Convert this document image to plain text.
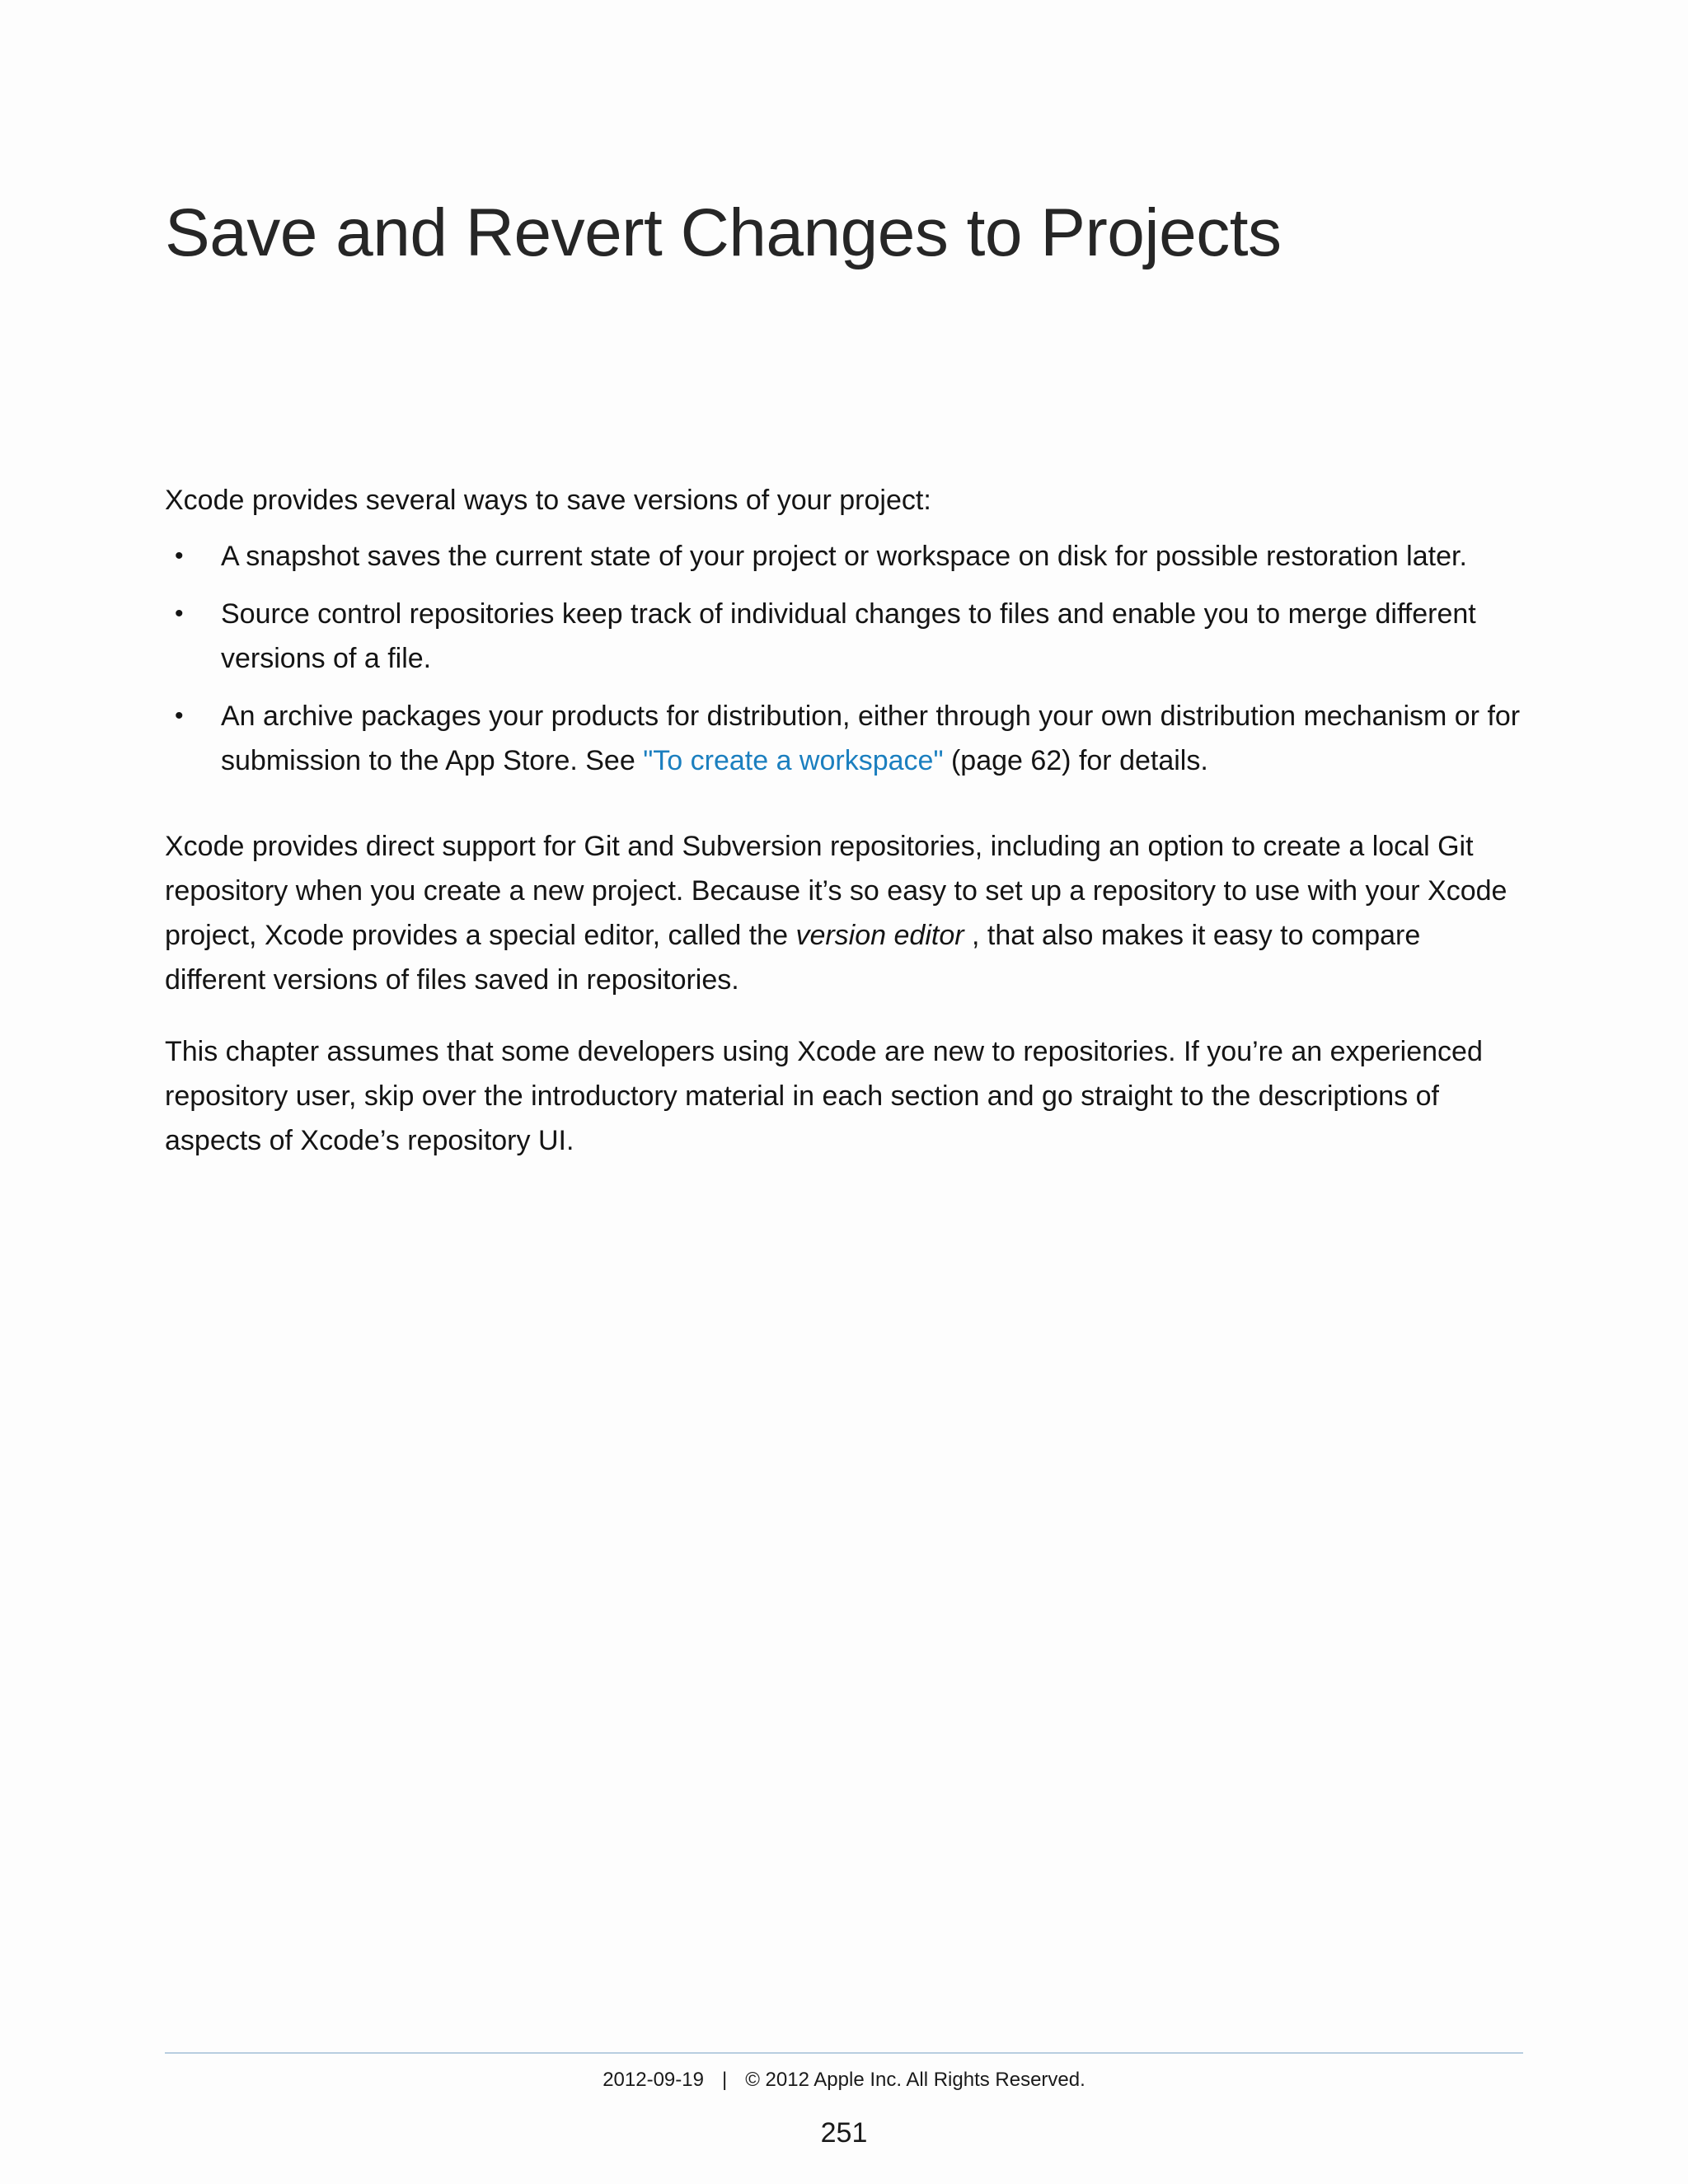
Save and Revert Changes to Projects

Xcode provides several ways to save versions of your project:

• A snapshot saves the current state of your project or workspace on disk for possible restoration later.
• Source control repositories keep track of individual changes to files and enable you to merge different versions of a file.
• An archive packages your products for distribution, either through your own distribution mechanism or for submission to the App Store. See "To create a workspace" (page 62) for details.

Xcode provides direct support for Git and Subversion repositories, including an option to create a local Git repository when you create a new project. Because it’s so easy to set up a repository to use with your Xcode project, Xcode provides a special editor, called the version editor , that also makes it easy to compare different versions of files saved in repositories.

This chapter assumes that some developers using Xcode are new to repositories. If you’re an experienced repository user, skip over the introductory material in each section and go straight to the descriptions of aspects of Xcode’s repository UI.

2012-09-19 | © 2012 Apple Inc. All Rights Reserved.
251
